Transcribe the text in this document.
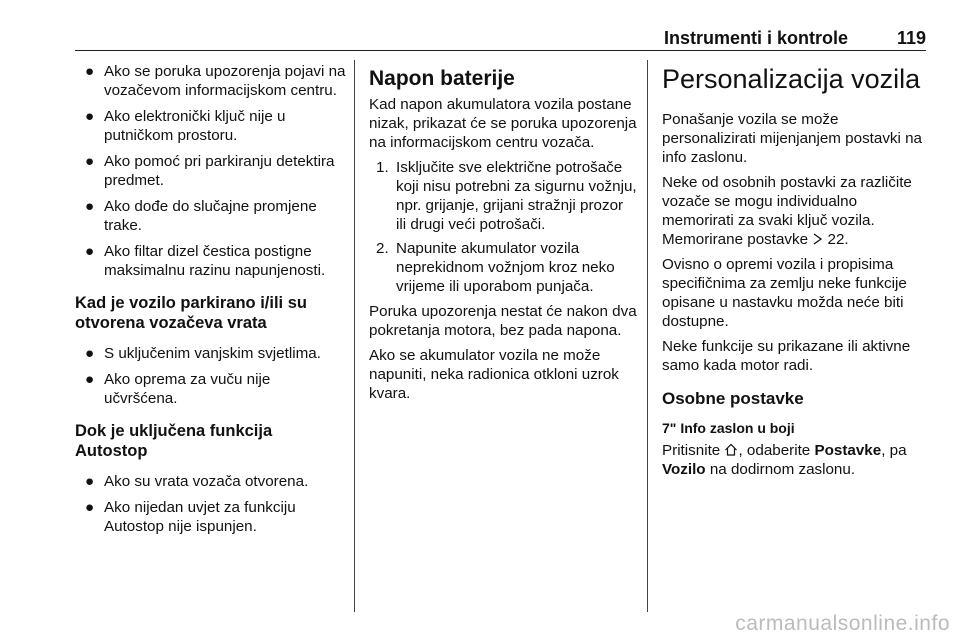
Instrumenti i kontrole	119
● Ako se poruka upozorenja pojavi na vozačevom informacijskom centru.
● Ako elektronički ključ nije u putničkom prostoru.
● Ako pomoć pri parkiranju detektira predmet.
● Ako dođe do slučajne promjene trake.
● Ako filtar dizel čestica postigne maksimalnu razinu napunjenosti.
Kad je vozilo parkirano i/ili su otvorena vozačeva vrata
● S uključenim vanjskim svjetlima.
● Ako oprema za vuču nije učvršćena.
Dok je uključena funkcija Autostop
● Ako su vrata vozača otvorena.
● Ako nijedan uvjet za funkciju Autostop nije ispunjen.
Napon baterije

Kad napon akumulatora vozila postane nizak, prikazat će se poruka upozorenja na informacijskom centru vozača.

1. Isključite sve električne potrošače koji nisu potrebni za sigurnu vožnju, npr. grijanje, grijani stražnji prozor ili drugi veći potrošači.
2. Napunite akumulator vozila neprekidnom vožnjom kroz neko vrijeme ili uporabom punjača.

Poruka upozorenja nestat će nakon dva pokretanja motora, bez pada napona.

Ako se akumulator vozila ne može napuniti, neka radionica otkloni uzrok kvara.

Personalizacija vozila

Ponašanje vozila se može personalizirati mijenjanjem postavki na info zaslonu.

Neke od osobnih postavki za različite vozače se mogu individualno memorirati za svaki ključ vozila. Memorirane postavke 22.

Ovisno o opremi vozila i propisima specifičnima za zemlju neke funkcije opisane u nastavku možda neće biti dostupne.

Neke funkcije su prikazane ili aktivne samo kada motor radi.

Osobne postavke
7" Info zaslon u boji

Pritisnite , odaberite Postavke, pa Vozilo na dodirnom zaslonu.

carmanualsonline.info
